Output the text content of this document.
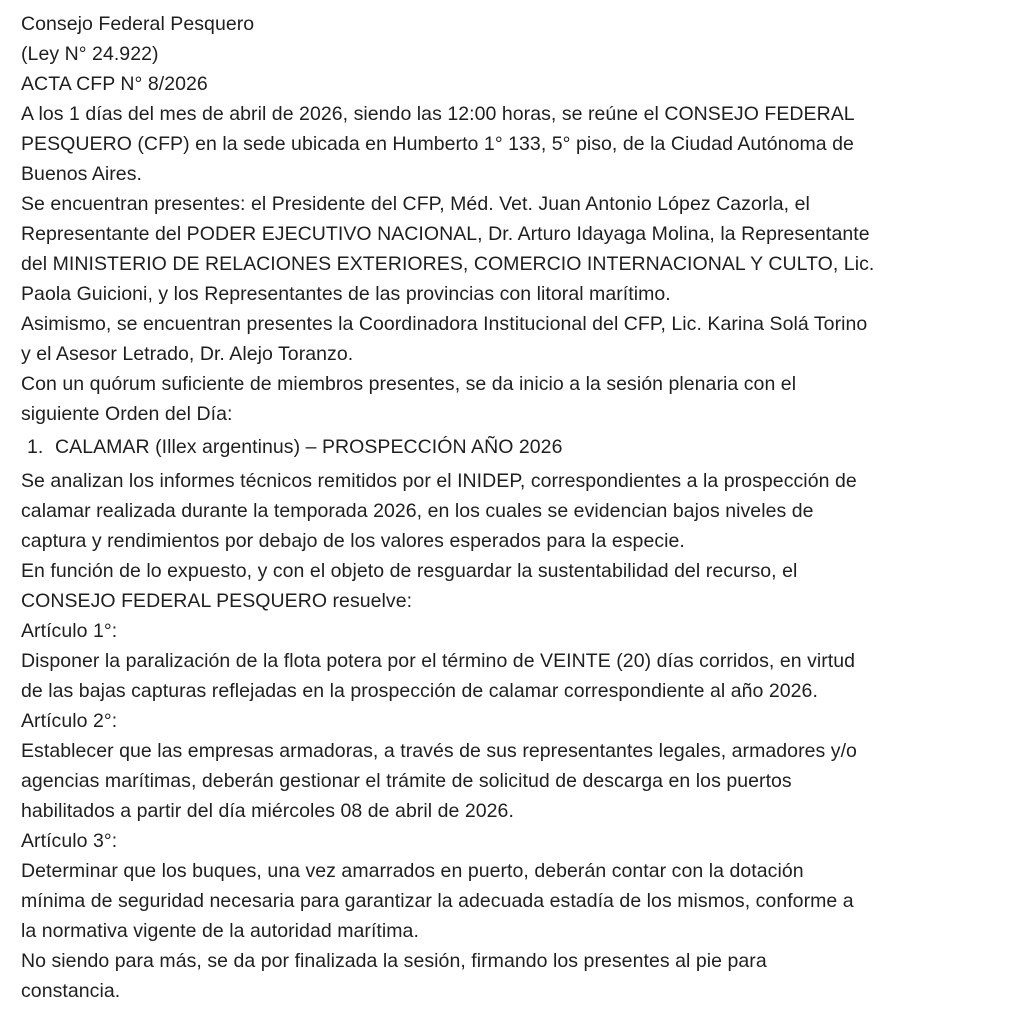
Consejo Federal Pesquero

(Ley N° 24.922)

ACTA CFP N° 8/2026

A los 1 días del mes de abril de 2026, siendo las 12:00 horas, se reúne el CONSEJO FEDERAL

PESQUERO (CFP) en la sede ubicada en Humberto 1° 133, 5° piso, de la Ciudad Autónoma de

Buenos Aires.

Se encuentran presentes: el Presidente del CFP, Méd. Vet. Juan Antonio López Cazorla, el

Representante del PODER EJECUTIVO NACIONAL, Dr. Arturo Idayaga Molina, la Representante

del MINISTERIO DE RELACIONES EXTERIORES, COMERCIO INTERNACIONAL Y CULTO, Lic.

Paola Guicioni, y los Representantes de las provincias con litoral marítimo.

Asimismo, se encuentran presentes la Coordinadora Institucional del CFP, Lic. Karina Solá Torino

y el Asesor Letrado, Dr. Alejo Toranzo.

Con un quórum suficiente de miembros presentes, se da inicio a la sesión plenaria con el

siguiente Orden del Día:

1. CALAMAR (Illex argentinus) – PROSPECCIÓN AÑO 2026

Se analizan los informes técnicos remitidos por el INIDEP, correspondientes a la prospección de

calamar realizada durante la temporada 2026, en los cuales se evidencian bajos niveles de

captura y rendimientos por debajo de los valores esperados para la especie.

En función de lo expuesto, y con el objeto de resguardar la sustentabilidad del recurso, el

CONSEJO FEDERAL PESQUERO resuelve:

Artículo 1°:

Disponer la paralización de la flota potera por el término de VEINTE (20) días corridos, en virtud

de las bajas capturas reflejadas en la prospección de calamar correspondiente al año 2026.

Artículo 2°:

Establecer que las empresas armadoras, a través de sus representantes legales, armadores y/o

agencias marítimas, deberán gestionar el trámite de solicitud de descarga en los puertos

habilitados a partir del día miércoles 08 de abril de 2026.

Artículo 3°:

Determinar que los buques, una vez amarrados en puerto, deberán contar con la dotación

mínima de seguridad necesaria para garantizar la adecuada estadía de los mismos, conforme a

la normativa vigente de la autoridad marítima.

No siendo para más, se da por finalizada la sesión, firmando los presentes al pie para

constancia.
